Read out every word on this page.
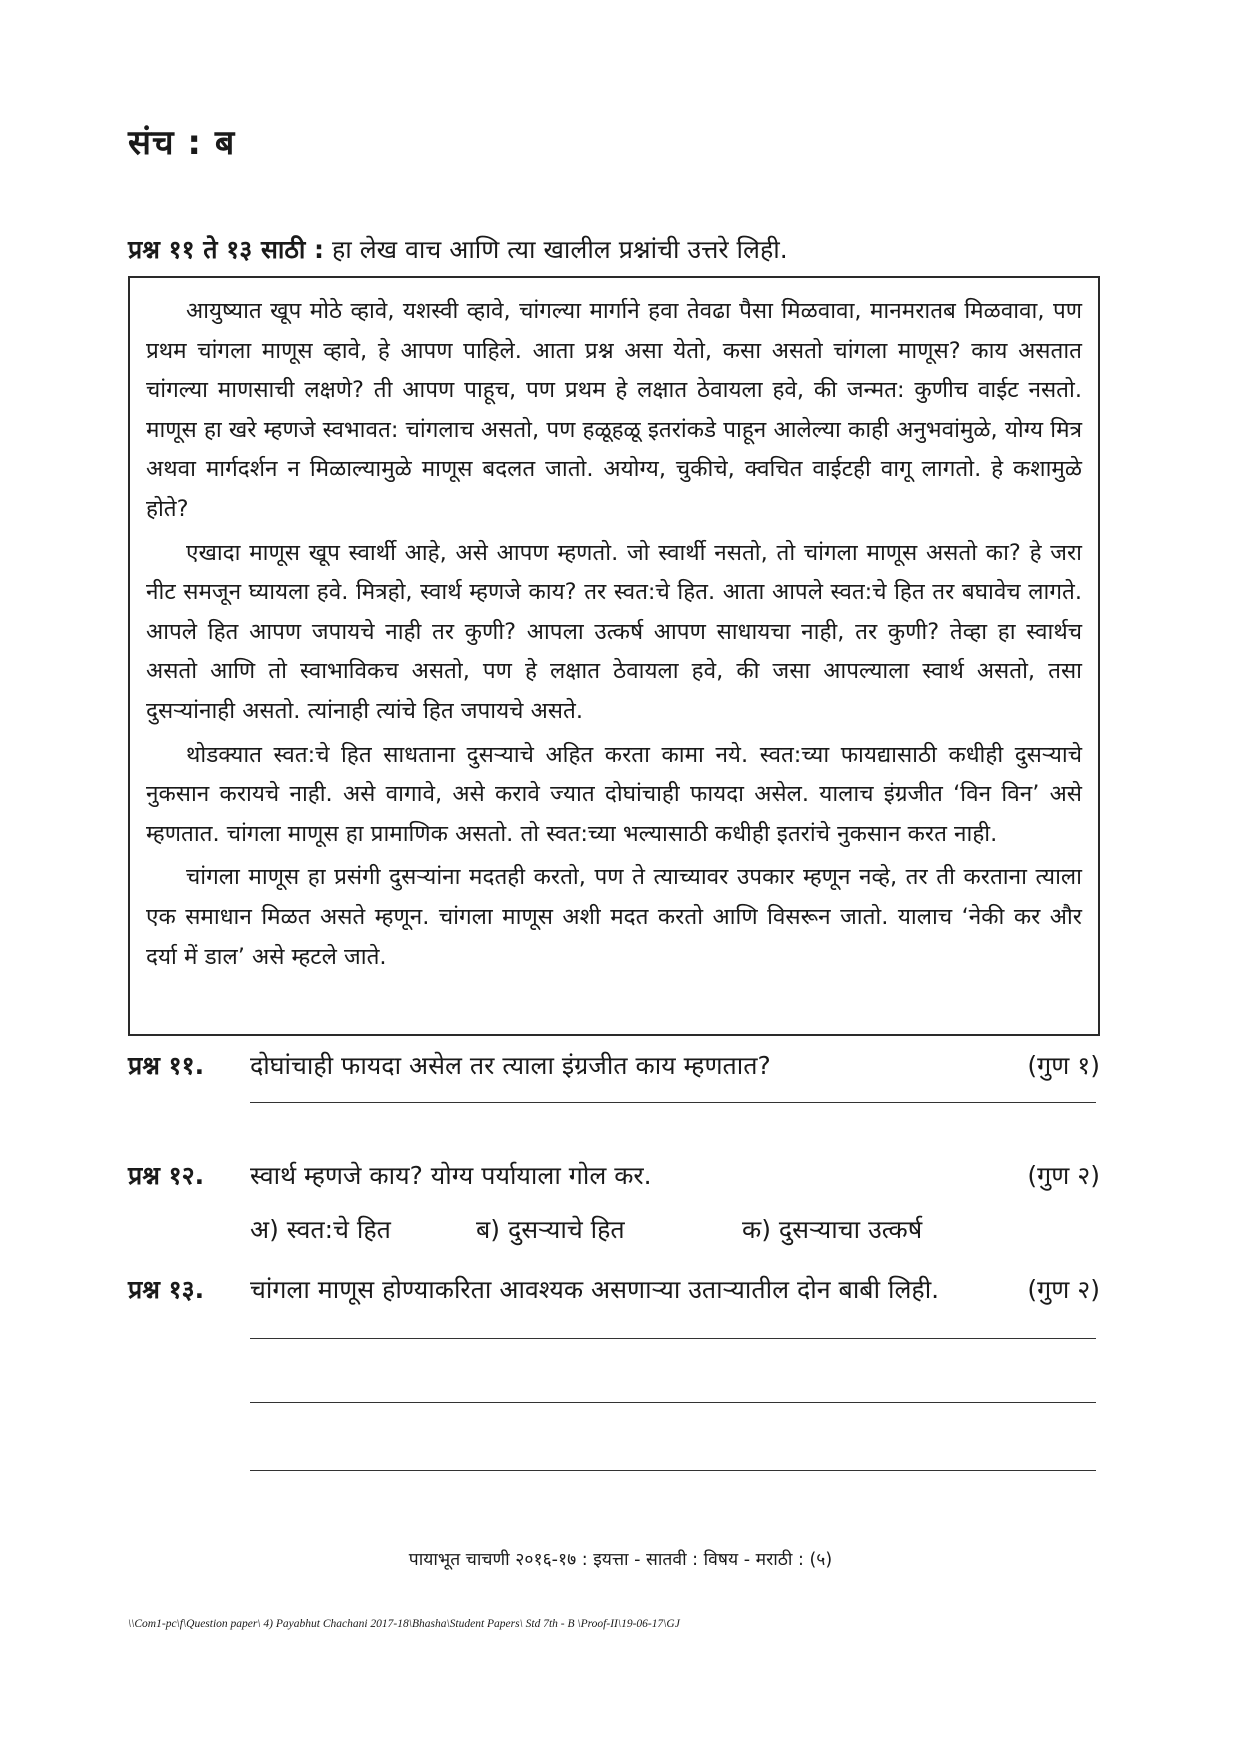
संच : ब
प्रश्न ११ ते १३ साठी : हा लेख वाच आणि त्या खालील प्रश्नांची उत्तरे लिही.

आयुष्यात खूप मोठे व्हावे, यशस्वी व्हावे, चांगल्या मार्गाने हवा तेवढा पैसा मिळवावा, मानमरातब मिळवावा, पण प्रथम चांगला माणूस व्हावे, हे आपण पाहिले. आता प्रश्न असा येतो, कसा असतो चांगला माणूस? काय असतात चांगल्या माणसाची लक्षणे? ती आपण पाहूच, पण प्रथम हे लक्षात ठेवायला हवे, की जन्मत: कुणीच वाईट नसतो. माणूस हा खरे म्हणजे स्वभावत: चांगलाच असतो, पण हळूहळू इतरांकडे पाहून आलेल्या काही अनुभवांमुळे, योग्य मित्र अथवा मार्गदर्शन न मिळाल्यामुळे माणूस बदलत जातो. अयोग्य, चुकीचे, क्वचित वाईटही वागू लागतो. हे कशामुळे होते?

एखादा माणूस खूप स्वार्थी आहे, असे आपण म्हणतो. जो स्वार्थी नसतो, तो चांगला माणूस असतो का? हे जरा नीट समजून घ्यायला हवे. मित्रहो, स्वार्थ म्हणजे काय? तर स्वत:चे हित. आता आपले स्वत:चे हित तर बघावेच लागते. आपले हित आपण जपायचे नाही तर कुणी? आपला उत्कर्ष आपण साधायचा नाही, तर कुणी? तेव्हा हा स्वार्थच असतो आणि तो स्वाभाविकच असतो, पण हे लक्षात ठेवायला हवे, की जसा आपल्याला स्वार्थ असतो, तसा दुसऱ्यांनाही असतो. त्यांनाही त्यांचे हित जपायचे असते.

थोडक्यात स्वत:चे हित साधताना दुसऱ्याचे अहित करता कामा नये. स्वत:च्या फायद्यासाठी कधीही दुसऱ्याचे नुकसान करायचे नाही. असे वागावे, असे करावे ज्यात दोघांचाही फायदा असेल. यालाच इंग्रजीत ‘विन विन’ असे म्हणतात. चांगला माणूस हा प्रामाणिक असतो. तो स्वत:च्या भल्यासाठी कधीही इतरांचे नुकसान करत नाही.

चांगला माणूस हा प्रसंगी दुसऱ्यांना मदतही करतो, पण ते त्याच्यावर उपकार म्हणून नव्हे, तर ती करताना त्याला एक समाधान मिळत असते म्हणून. चांगला माणूस अशी मदत करतो आणि विसरून जातो. यालाच ‘नेकी कर और दर्या में डाल’ असे म्हटले जाते.

प्रश्न ११. दोघांचाही फायदा असेल तर त्याला इंग्रजीत काय म्हणतात?	(गुण १)
प्रश्न १२. स्वार्थ म्हणजे काय? योग्य पर्यायाला गोल कर.	(गुण २)
अ) स्वत:चे हित	ब) दुसऱ्याचे हित	क) दुसऱ्याचा उत्कर्ष
प्रश्न १३. चांगला माणूस होण्याकरिता आवश्यक असणाऱ्या उताऱ्यातील दोन बाबी लिही.	(गुण २)
पायाभूत चाचणी २०१६-१७ : इयत्ता - सातवी : विषय - मराठी : (५)
\\Com1-pc\f\Question paper\ 4) Payabhut Chachani 2017-18\Bhasha\Student Papers\ Std 7th - B \Proof-II\19-06-17\GJ
